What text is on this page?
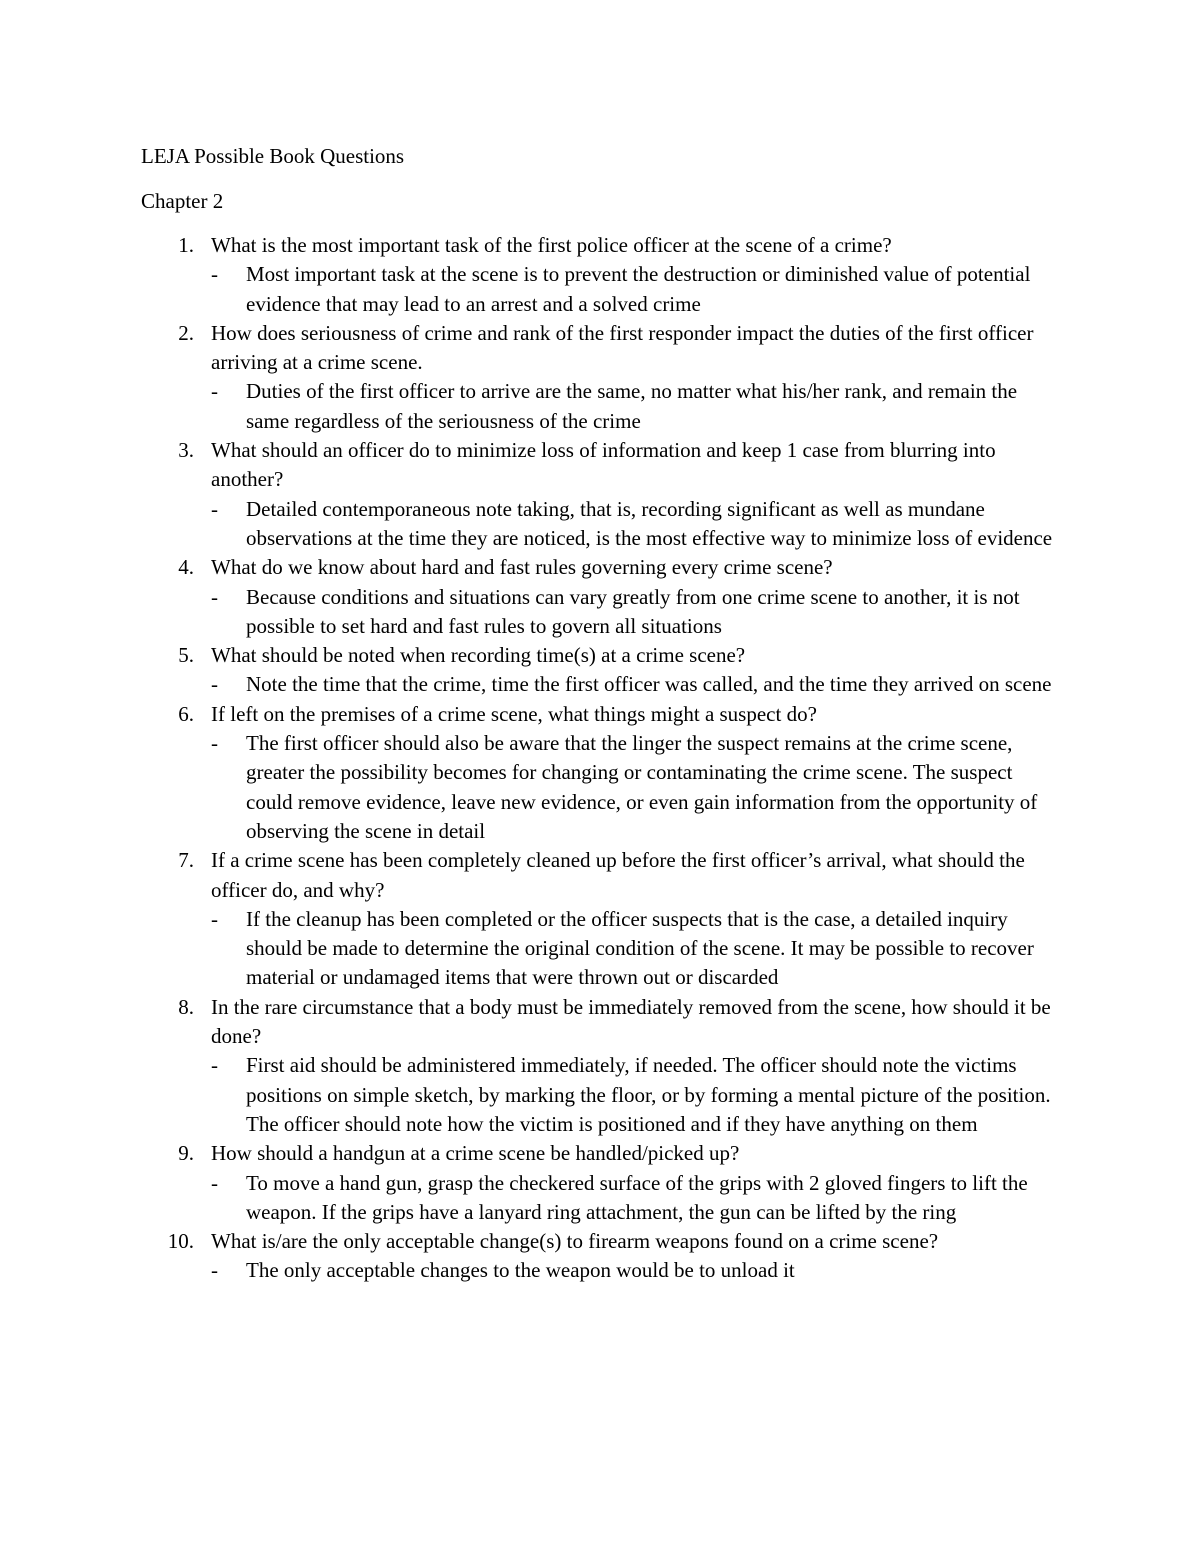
LEJA Possible Book Questions
Chapter 2
1. What is the most important task of the first police officer at the scene of a crime?
- Most important task at the scene is to prevent the destruction or diminished value of potential evidence that may lead to an arrest and a solved crime
2. How does seriousness of crime and rank of the first responder impact the duties of the first officer arriving at a crime scene.
- Duties of the first officer to arrive are the same, no matter what his/her rank, and remain the same regardless of the seriousness of the crime
3. What should an officer do to minimize loss of information and keep 1 case from blurring into another?
- Detailed contemporaneous note taking, that is, recording significant as well as mundane observations at the time they are noticed, is the most effective way to minimize loss of evidence
4. What do we know about hard and fast rules governing every crime scene?
- Because conditions and situations can vary greatly from one crime scene to another, it is not possible to set hard and fast rules to govern all situations
5. What should be noted when recording time(s) at a crime scene?
- Note the time that the crime, time the first officer was called, and the time they arrived on scene
6. If left on the premises of a crime scene, what things might a suspect do?
- The first officer should also be aware that the linger the suspect remains at the crime scene, greater the possibility becomes for changing or contaminating the crime scene. The suspect could remove evidence, leave new evidence, or even gain information from the opportunity of observing the scene in detail
7. If a crime scene has been completely cleaned up before the first officer’s arrival, what should the officer do, and why?
- If the cleanup has been completed or the officer suspects that is the case, a detailed inquiry should be made to determine the original condition of the scene. It may be possible to recover material or undamaged items that were thrown out or discarded
8. In the rare circumstance that a body must be immediately removed from the scene, how should it be done?
- First aid should be administered immediately, if needed. The officer should note the victims positions on simple sketch, by marking the floor, or by forming a mental picture of the position. The officer should note how the victim is positioned and if they have anything on them
9. How should a handgun at a crime scene be handled/picked up?
- To move a hand gun, grasp the checkered surface of the grips with 2 gloved fingers to lift the weapon. If the grips have a lanyard ring attachment, the gun can be lifted by the ring
10. What is/are the only acceptable change(s) to firearm weapons found on a crime scene?
- The only acceptable changes to the weapon would be to unload it
